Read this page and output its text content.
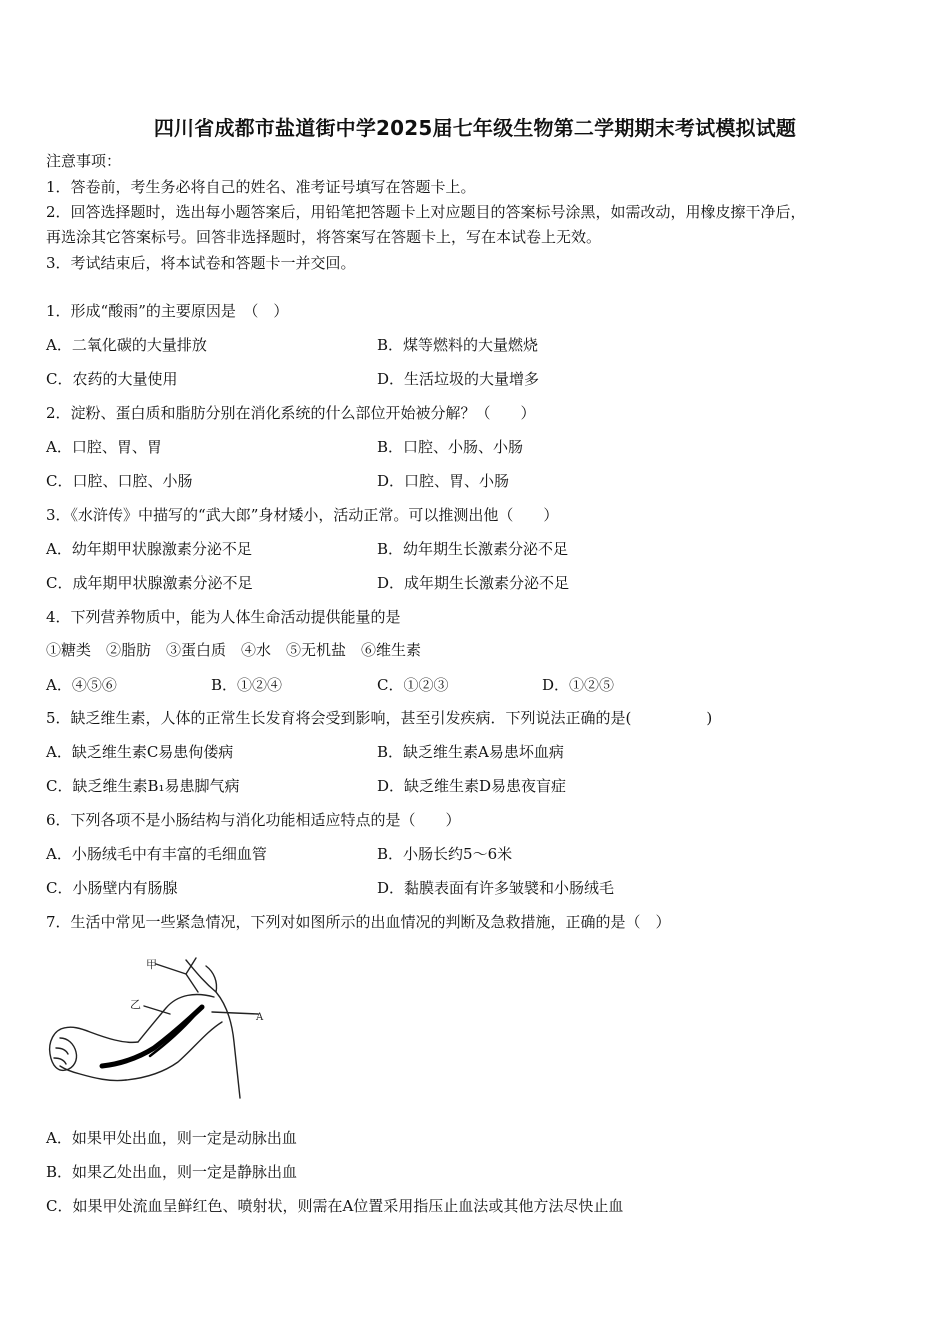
四川省成都市盐道街中学2025届七年级生物第二学期期末考试模拟试题
注意事项：
1．答卷前，考生务必将自己的姓名、准考证号填写在答题卡上。
2．回答选择题时，选出每小题答案后，用铅笔把答题卡上对应题目的答案标号涂黑，如需改动，用橡皮擦干净后，
再选涂其它答案标号。回答非选择题时，将答案写在答题卡上，写在本试卷上无效。
3．考试结束后，将本试卷和答题卡一并交回。
1．形成“酸雨”的主要原因是　（　）
A．二氧化碳的大量排放	B．煤等燃料的大量燃烧
C．农药的大量使用	D．生活垃圾的大量增多
2．淀粉、蛋白质和脂肪分别在消化系统的什么部位开始被分解？（　　）
A．口腔、胃、胃	B．口腔、小肠、小肠
C．口腔、口腔、小肠	D．口腔、胃、小肠
3．《水浒传》中描写的“武大郎”身材矮小，活动正常。可以推测出他（　　）
A．幼年期甲状腺激素分泌不足	B．幼年期生长激素分泌不足
C．成年期甲状腺激素分泌不足	D．成年期生长激素分泌不足
4．下列营养物质中，能为人体生命活动提供能量的是
①糖类　②脂肪　③蛋白质　④水　⑤无机盐　⑥维生素
A．④⑤⑥	B．①②④	C．①②③	D．①②⑤
5．缺乏维生素，人体的正常生长发育将会受到影响，甚至引发疾病．下列说法正确的是(　　　　　)
A．缺乏维生素C易患佝偻病	B．缺乏维生素A易患坏血病
C．缺乏维生素B₁易患脚气病	D．缺乏维生素D易患夜盲症
6．下列各项不是小肠结构与消化功能相适应特点的是（　　）
A．小肠绒毛中有丰富的毛细血管	B．小肠长约5～6米
C．小肠壁内有肠腺	D．黏膜表面有许多皱襞和小肠绒毛
7．生活中常见一些紧急情况，下列对如图所示的出血情况的判断及急救措施，正确的是（　）
甲
乙
A
A．如果甲处出血，则一定是动脉出血
B．如果乙处出血，则一定是静脉出血
C．如果甲处流血呈鲜红色、喷射状，则需在A位置采用指压止血法或其他方法尽快止血
